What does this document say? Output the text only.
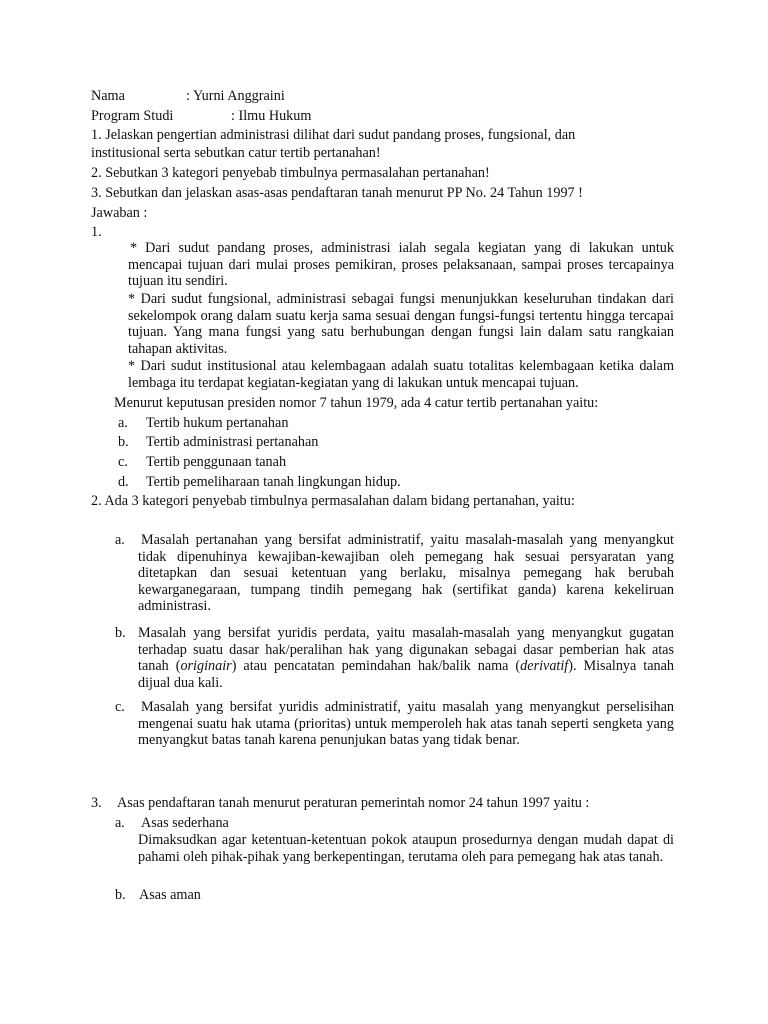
Nama	: Yurni Anggraini
Program Studi	: Ilmu Hukum
1. Jelaskan pengertian administrasi dilihat dari sudut pandang proses, fungsional, dan
institusional serta sebutkan catur tertib pertanahan!
2. Sebutkan 3 kategori penyebab timbulnya permasalahan pertanahan!
3. Sebutkan dan jelaskan asas-asas pendaftaran tanah menurut PP No. 24 Tahun 1997 !
Jawaban :
1.
* Dari sudut pandang proses, administrasi ialah segala kegiatan yang di lakukan untuk mencapai tujuan dari mulai proses pemikiran, proses pelaksanaan, sampai proses tercapainya tujuan itu sendiri.
* Dari sudut fungsional, administrasi sebagai fungsi menunjukkan keseluruhan tindakan dari sekelompok orang dalam suatu kerja sama sesuai dengan fungsi-fungsi tertentu hingga tercapai tujuan. Yang mana fungsi yang satu berhubungan dengan fungsi lain dalam satu rangkaian tahapan aktivitas.
* Dari sudut institusional atau kelembagaan adalah suatu totalitas kelembagaan ketika dalam lembaga itu terdapat kegiatan-kegiatan yang di lakukan untuk mencapai tujuan.
Menurut keputusan presiden nomor 7 tahun 1979, ada 4 catur tertib pertanahan yaitu:
a. Tertib hukum pertanahan
b. Tertib administrasi pertanahan
c. Tertib penggunaan tanah
d. Tertib pemeliharaan tanah lingkungan hidup.
2. Ada 3 kategori penyebab timbulnya permasalahan dalam bidang pertanahan, yaitu:
a. Masalah pertanahan yang bersifat administratif, yaitu masalah-masalah yang menyangkut tidak dipenuhinya kewajiban-kewajiban oleh pemegang hak sesuai persyaratan yang ditetapkan dan sesuai ketentuan yang berlaku, misalnya pemegang hak berubah kewarganegaraan, tumpang tindih pemegang hak (sertifikat ganda) karena kekeliruan administrasi.
b. Masalah yang bersifat yuridis perdata, yaitu masalah-masalah yang menyangkut gugatan terhadap suatu dasar hak/peralihan hak yang digunakan sebagai dasar pemberian hak atas tanah (originair) atau pencatatan pemindahan hak/balik nama (derivatif). Misalnya tanah dijual dua kali.
c. Masalah yang bersifat yuridis administratif, yaitu masalah yang menyangkut perselisihan mengenai suatu hak utama (prioritas) untuk memperoleh hak atas tanah seperti sengketa yang menyangkut batas tanah karena penunjukan batas yang tidak benar.
3. Asas pendaftaran tanah menurut peraturan pemerintah nomor 24 tahun 1997 yaitu :
a. Asas sederhana
Dimaksudkan agar ketentuan-ketentuan pokok ataupun prosedurnya dengan mudah dapat di pahami oleh pihak-pihak yang berkepentingan, terutama oleh para pemegang hak atas tanah.
b. Asas aman
